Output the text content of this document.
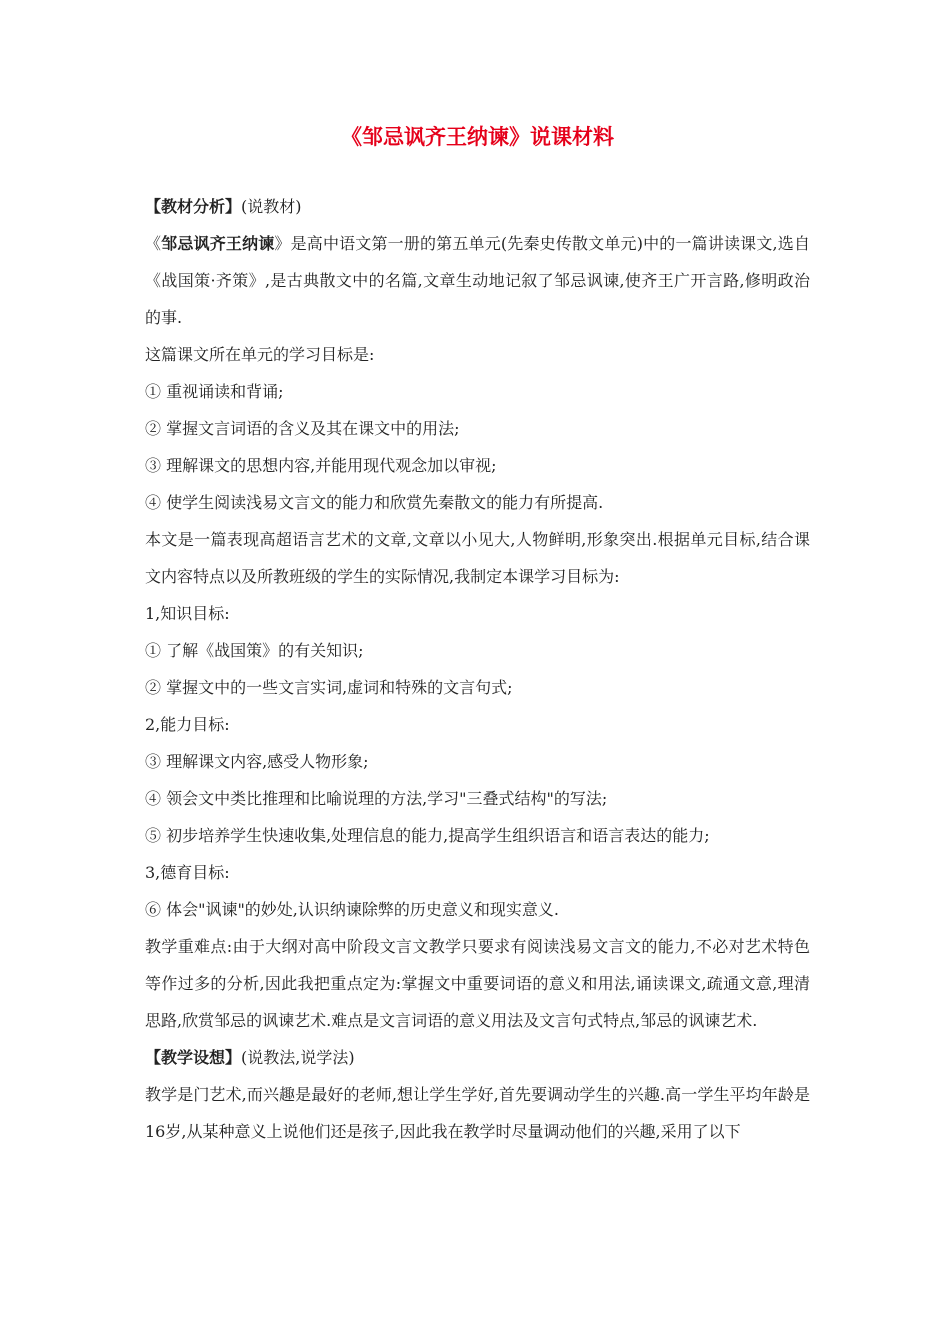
《邹忌讽齐王纳谏》说课材料

【教材分析】(说教材)

《邹忌讽齐王纳谏》是高中语文第一册的第五单元(先秦史传散文单元)中的一篇讲读课文,选自《战国策·齐策》,是古典散文中的名篇,文章生动地记叙了邹忌讽谏,使齐王广开言路,修明政治的事.

这篇课文所在单元的学习目标是:

① 重视诵读和背诵;

② 掌握文言词语的含义及其在课文中的用法;

③ 理解课文的思想内容,并能用现代观念加以审视;

④ 使学生阅读浅易文言文的能力和欣赏先秦散文的能力有所提高.

本文是一篇表现高超语言艺术的文章,文章以小见大,人物鲜明,形象突出.根据单元目标,结合课文内容特点以及所教班级的学生的实际情况,我制定本课学习目标为:

1,知识目标:

① 了解《战国策》的有关知识;

② 掌握文中的一些文言实词,虚词和特殊的文言句式;

2,能力目标:

③ 理解课文内容,感受人物形象;

④ 领会文中类比推理和比喻说理的方法,学习"三叠式结构"的写法;

⑤ 初步培养学生快速收集,处理信息的能力,提高学生组织语言和语言表达的能力;

3,德育目标:

⑥ 体会"讽谏"的妙处,认识纳谏除弊的历史意义和现实意义.

教学重难点:由于大纲对高中阶段文言文教学只要求有阅读浅易文言文的能力,不必对艺术特色等作过多的分析,因此我把重点定为:掌握文中重要词语的意义和用法,诵读课文,疏通文意,理清思路,欣赏邹忌的讽谏艺术.难点是文言词语的意义用法及文言句式特点,邹忌的讽谏艺术.

【教学设想】(说教法,说学法)

教学是门艺术,而兴趣是最好的老师,想让学生学好,首先要调动学生的兴趣.高一学生平均年龄是16岁,从某种意义上说他们还是孩子,因此我在教学时尽量调动他们的兴趣,采用了以下
